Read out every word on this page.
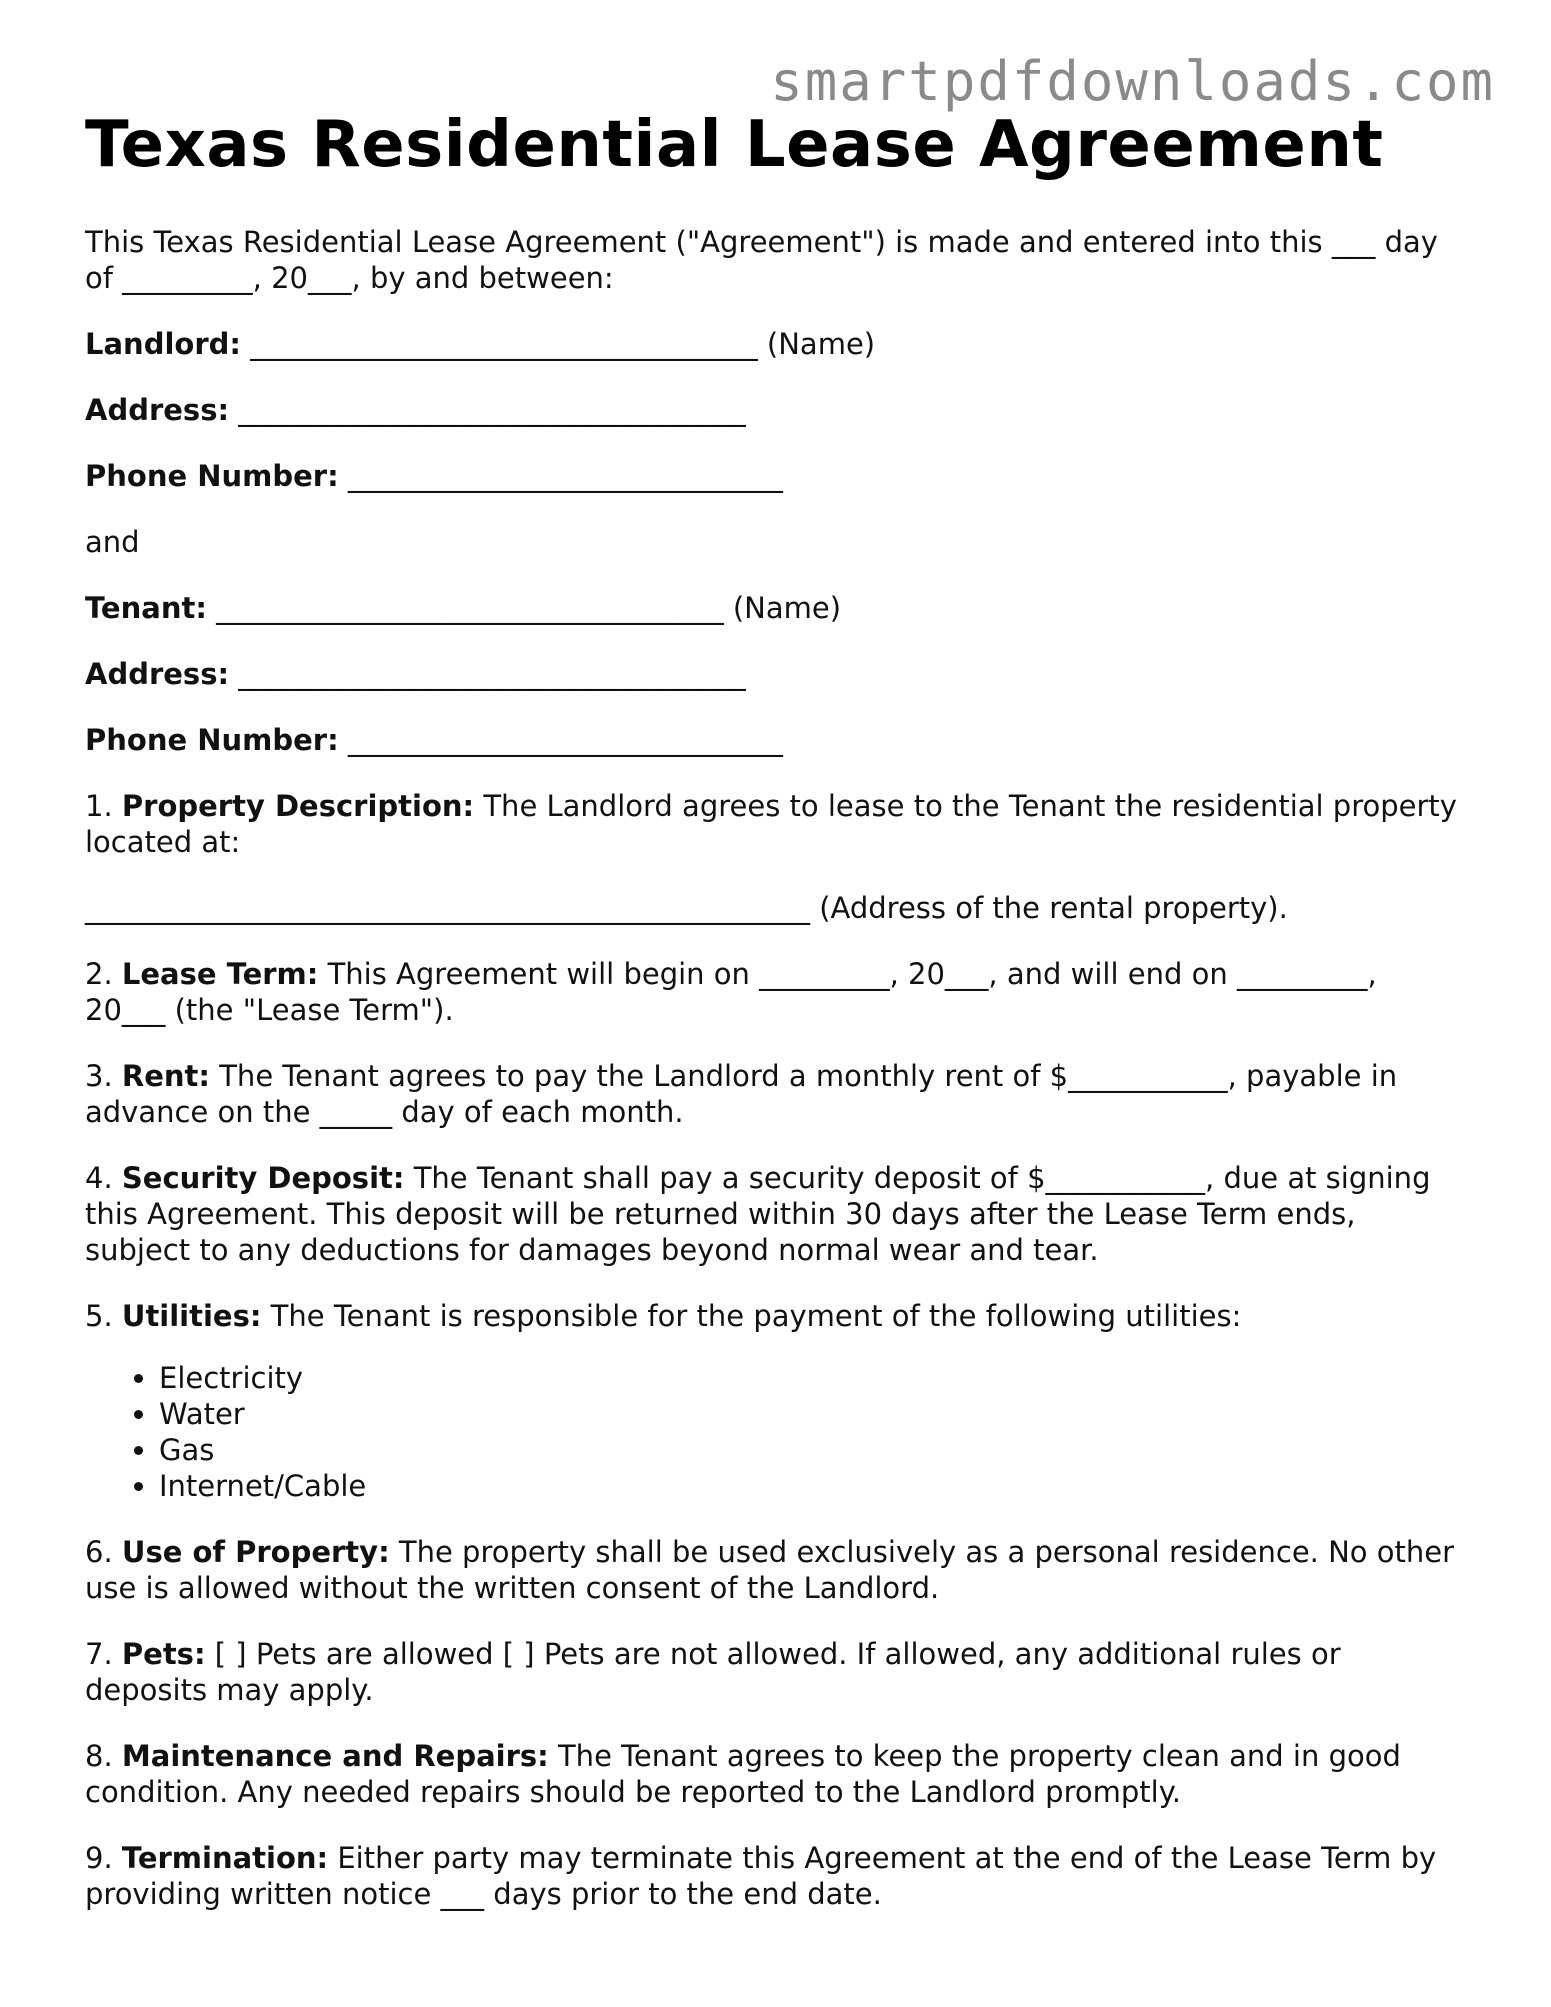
smartpdfdownloads.com
Texas Residential Lease Agreement

This Texas Residential Lease Agreement ("Agreement") is made and entered into this ___ day of _________, 20___, by and between:

Landlord: ___________________________________ (Name)

Address: ___________________________________

Phone Number: ______________________________

and

Tenant: ___________________________________ (Name)

Address: ___________________________________

Phone Number: ______________________________

1. Property Description: The Landlord agrees to lease to the Tenant the residential property located at:

__________________________________________________ (Address of the rental property).

2. Lease Term: This Agreement will begin on _________, 20___, and will end on _________, 20___ (the "Lease Term").

3. Rent: The Tenant agrees to pay the Landlord a monthly rent of $___________, payable in advance on the _____ day of each month.

4. Security Deposit: The Tenant shall pay a security deposit of $___________, due at signing this Agreement. This deposit will be returned within 30 days after the Lease Term ends, subject to any deductions for damages beyond normal wear and tear.

5. Utilities: The Tenant is responsible for the payment of the following utilities:

• Electricity
• Water
• Gas
• Internet/Cable

6. Use of Property: The property shall be used exclusively as a personal residence. No other use is allowed without the written consent of the Landlord.

7. Pets: [ ] Pets are allowed [ ] Pets are not allowed. If allowed, any additional rules or deposits may apply.

8. Maintenance and Repairs: The Tenant agrees to keep the property clean and in good condition. Any needed repairs should be reported to the Landlord promptly.

9. Termination: Either party may terminate this Agreement at the end of the Lease Term by providing written notice ___ days prior to the end date.
